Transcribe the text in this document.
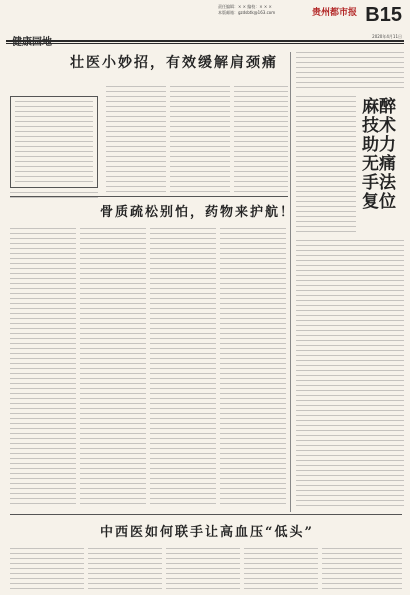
责任编辑：× × 编校：× × ×
本版邮箱：gzdsbtk@163.com	贵州都市报 B15
2020年4月11日
壮医小妙招，有效缓解肩颈痛
麻醉技术助力无痛手法复位
骨质疏松别怕，药物来护航！
中西医如何联手让高血压“低头”
